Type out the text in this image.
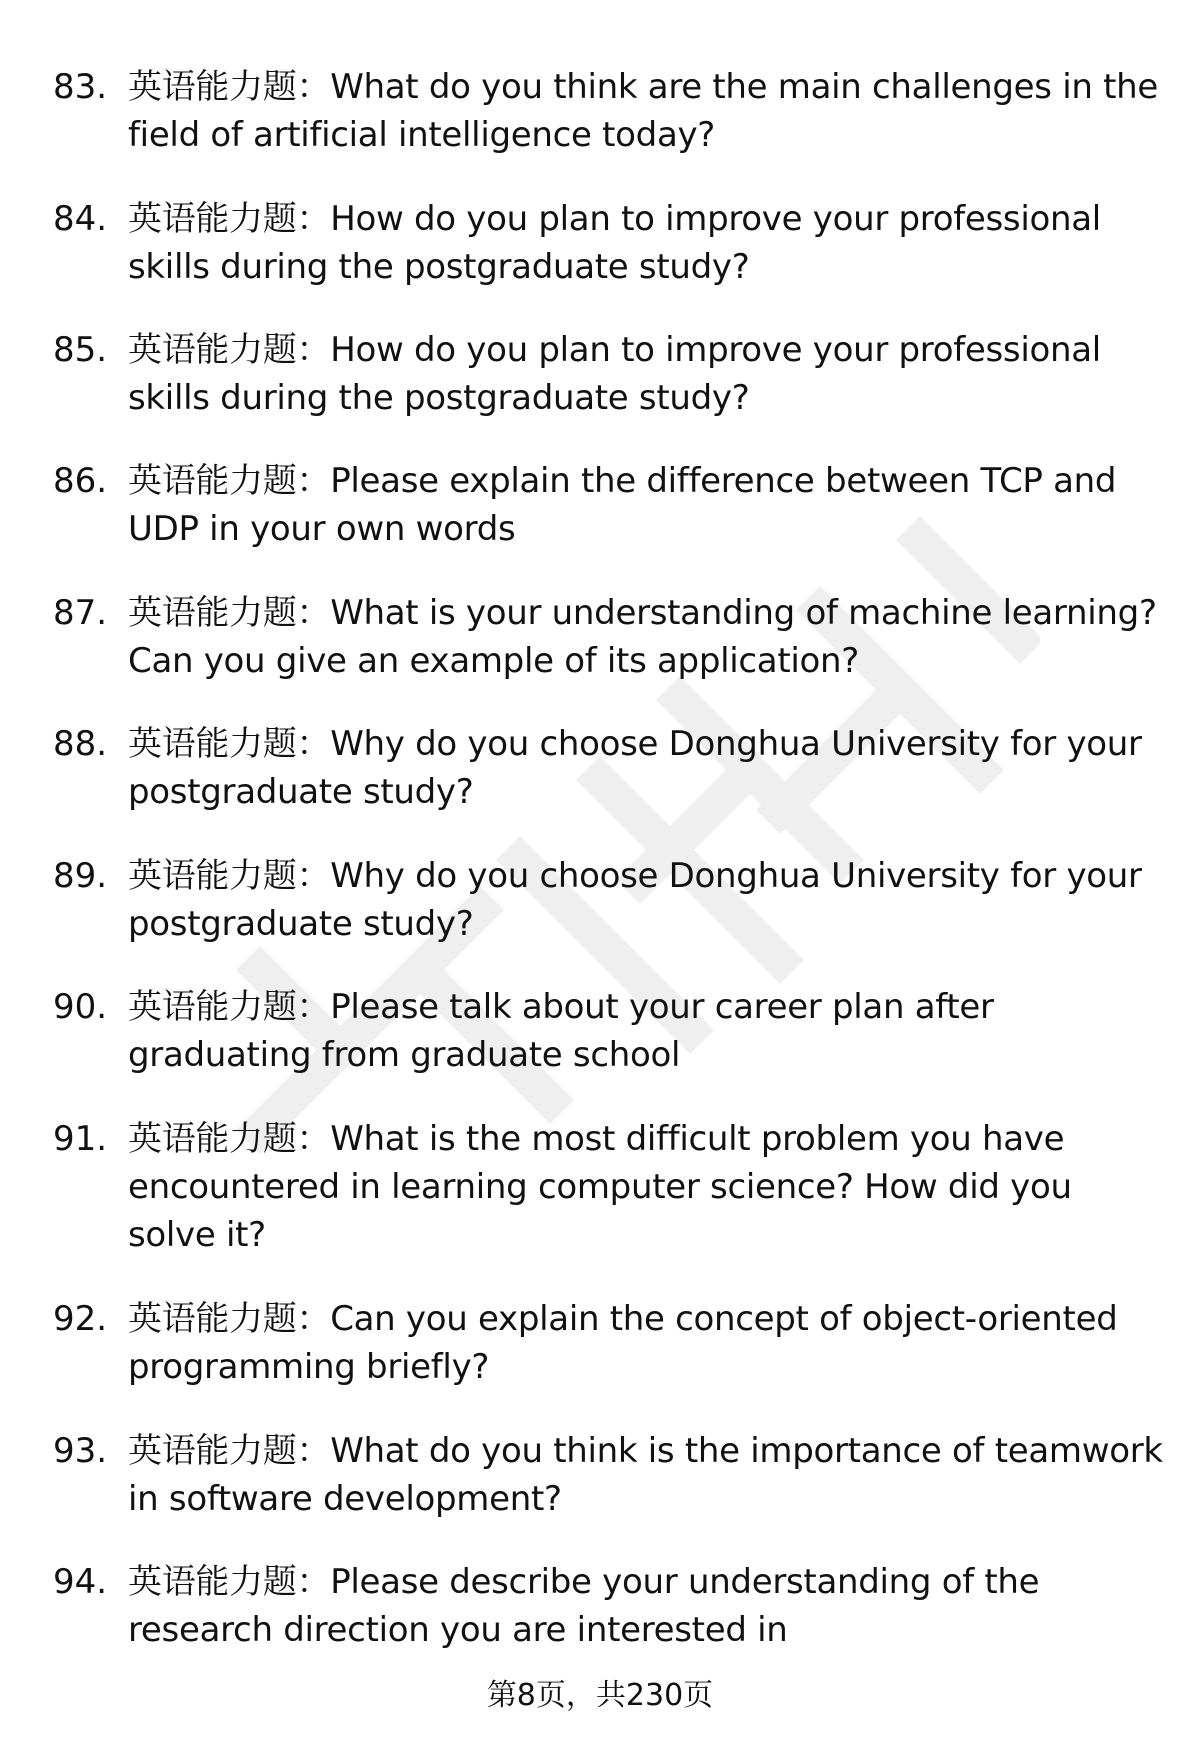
83. 英语能力题：What do you think are the main challenges in the field of artificial intelligence today?
84. 英语能力题：How do you plan to improve your professional skills during the postgraduate study?
85. 英语能力题：How do you plan to improve your professional skills during the postgraduate study?
86. 英语能力题：Please explain the difference between TCP and UDP in your own words
87. 英语能力题：What is your understanding of machine learning? Can you give an example of its application?
88. 英语能力题：Why do you choose Donghua University for your postgraduate study?
89. 英语能力题：Why do you choose Donghua University for your postgraduate study?
90. 英语能力题：Please talk about your career plan after graduating from graduate school
91. 英语能力题：What is the most difficult problem you have encountered in learning computer science? How did you solve it?
92. 英语能力题：Can you explain the concept of object-oriented programming briefly?
93. 英语能力题：What do you think is the importance of teamwork in software development?
94. 英语能力题：Please describe your understanding of the research direction you are interested in
第8页，共230页
